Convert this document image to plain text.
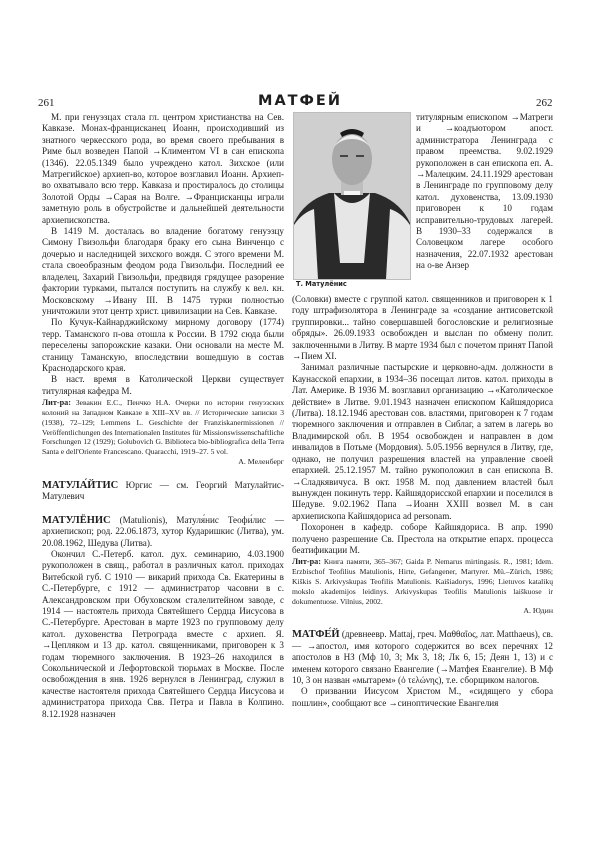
261	МАТФЕЙ	262

М. при генуэзцах стала гл. центром христианства на Сев. Кавказе. Монах-францисканец Иоанн, происходивший из знатного черкесского рода, во время своего пребывания в Риме был возведен Папой →Климентом VI в сан епископа (1346). 22.05.1349 было учреждено катол. Зихское (или Матрегийское) архиеп-во, которое возглавил Иоанн. Архиеп-во охватывало всю терр. Кавказа и простиралось до столицы Золотой Орды →Сарая на Волге. →Францисканцы играли заметную роль в обустройстве и дальнейшей деятельности архиепископства.

В 1419 М. досталась во владение богатому генуэзцу Симону Гвизольфи благодаря браку его сына Винченцо с дочерью и наследницей зихского вождя. С этого времени М. стала своеобразным феодом рода Гвизольфи. Последний ее владелец, Захарий Гвизольфи, предвидя грядущее разорение фактории турками, пытался поступить на службу к вел. кн. Московскому →Ивану III. В 1475 турки полностью уничтожили этот центр христ. цивилизации на Сев. Кавказе.

По Кучук-Кайнарджийскому мирному договору (1774) терр. Таманского п-ова отошла к России. В 1792 сюда были переселены запорожские казаки. Они основали на месте М. станицу Таманскую, впоследствии вошедшую в состав Краснодарского края.

В наст. время в Католической Церкви существует титулярная кафедра М.

Лит-ра: Зевакин Е.С., Пенчко Н.А. Очерки по истории генуэзских колоний на Западном Кавказе в XIII–XV вв. // Исторические записки 3 (1938), 72–129; Lemmens L. Geschichte der Franziskanermissionen // Veröffentlichungen des Internationalen Institutes für Missionswissenschaftliche Forschungen 12 (1929); Golubovich G. Biblioteca bio-bibliografica della Terra Santa e dell'Oriente Francescano. Quaracchi, 1919–27. 5 vol.

А. Меленберг

МАТУЛА́ЙТИС Юргис — см. Георгий Матулайтис-Матулевич

МАТУЛЁНИС (Matulionis), Матуля́нис Теофи́лис — архиепископ; род. 22.06.1873, хутор Кударишкис (Литва), ум. 20.08.1962, Шедува (Литва).

Окончил С.-Петерб. катол. дух. семинарию, 4.03.1900 рукоположен в свящ., работал в различных катол. приходах Витебской губ. С 1910 — викарий прихода Св. Екатерины в С.-Петербурге, с 1912 — администратор часовни в с. Александровском при Обуховском сталелитейном заводе, с 1914 — настоятель прихода Святейшего Сердца Иисусова в С.-Петербурге. Арестован в марте 1923 по групповому делу катол. духовенства Петрограда вместе с архиеп. Я. →Цепляком и 13 др. катол. священниками, приговорен к 3 годам тюремного заключения. В 1923–26 находился в Сокольнической и Лефортовской тюрьмах в Москве. После освобождения в янв. 1926 вернулся в Ленинград, служил в качестве настоятеля прихода Святейшего Сердца Иисусова и администратора прихода Свв. Петра и Павла в Колпино. 8.12.1928 назначен

Т. Матулёнис

титулярным епископом →Матреги и →коадъютором апост. администратора Ленинграда с правом преемства. 9.02.1929 рукоположен в сан епископа еп. А. →Малецким. 24.11.1929 арестован в Ленинграде по групповому делу катол. духовенства, 13.09.1930 приговорен к 10 годам исправительно-трудовых лагерей. В 1930–33 содержался в Соловецком лагере особого назначения, 22.07.1932 арестован на о-ве Анзер

(Соловки) вместе с группой катол. священников и приговорен к 1 году штрафизолятора в Ленинграде за «создание антисоветской группировки... тайно совершавшей богословские и религиозные обряды». 26.09.1933 освобожден и выслан по обмену полит. заключенными в Литву. В марте 1934 был с почетом принят Папой →Пием XI.

Занимал различные пастырские и церковно-адм. должности в Каунасской епархии, в 1934–36 посещал литов. катол. приходы в Лат. Америке. В 1936 М. возглавил организацию →«Католическое действие» в Литве. 9.01.1943 назначен епископом Кайшядориса (Литва). 18.12.1946 арестован сов. властями, приговорен к 7 годам тюремного заключения и отправлен в Сиблаг, а затем в лагерь во Владимирской обл. В 1954 освобожден и направлен в дом инвалидов в Потьме (Мордовия). 5.05.1956 вернулся в Литву, где, однако, не получил разрешения властей на управление своей епархией. 25.12.1957 М. тайно рукоположил в сан епископа В. →Сладкявичуса. В окт. 1958 М. под давлением властей был вынужден покинуть терр. Кайшядорисской епархии и поселился в Шедуве. 9.02.1962 Папа →Иоанн XXIII возвел М. в сан архиепископа Кайшядориса ad personam.

Похоронен в кафедр. соборе Кайшядориса. В апр. 1990 получено разрешение Св. Престола на открытие епарх. процесса беатификации М.

Лит-ра: Книга памяти, 365–367; Gaida P. Nemarus mirtingasis. R., 1981; Idem. Erzbischof Teofilius Matulionis, Hirte, Gefangener, Martyrer. Mü.–Zürich, 1986; Kiškis S. Arkivyskupas Teofilis Matulionis. Kaišiadorys, 1996; Lietuvos katalikų mokslo akademijos leidinys. Arkivyskupas Teofilis Matulionis laiškuose ir dokumentuose. Vilnius, 2002.

А. Юдин

МАТФЕ́Й (древнеевр. Mattaj, греч. Μαθθαῖος, лат. Matthaeus), св. — →апостол, имя которого содержится во всех перечнях 12 апостолов в НЗ (Мф 10, 3; Мк 3, 18; Лк 6, 15; Деян 1, 13) и с именем которого связано Евангелие (→Матфея Евангелие). В Мф 10, 3 он назван «мытарем» (ὁ τελώνης), т.е. сборщиком налогов.

О призвании Иисусом Христом М., «сидящего у сбора пошлин», сообщают все →синоптические Евангелия
